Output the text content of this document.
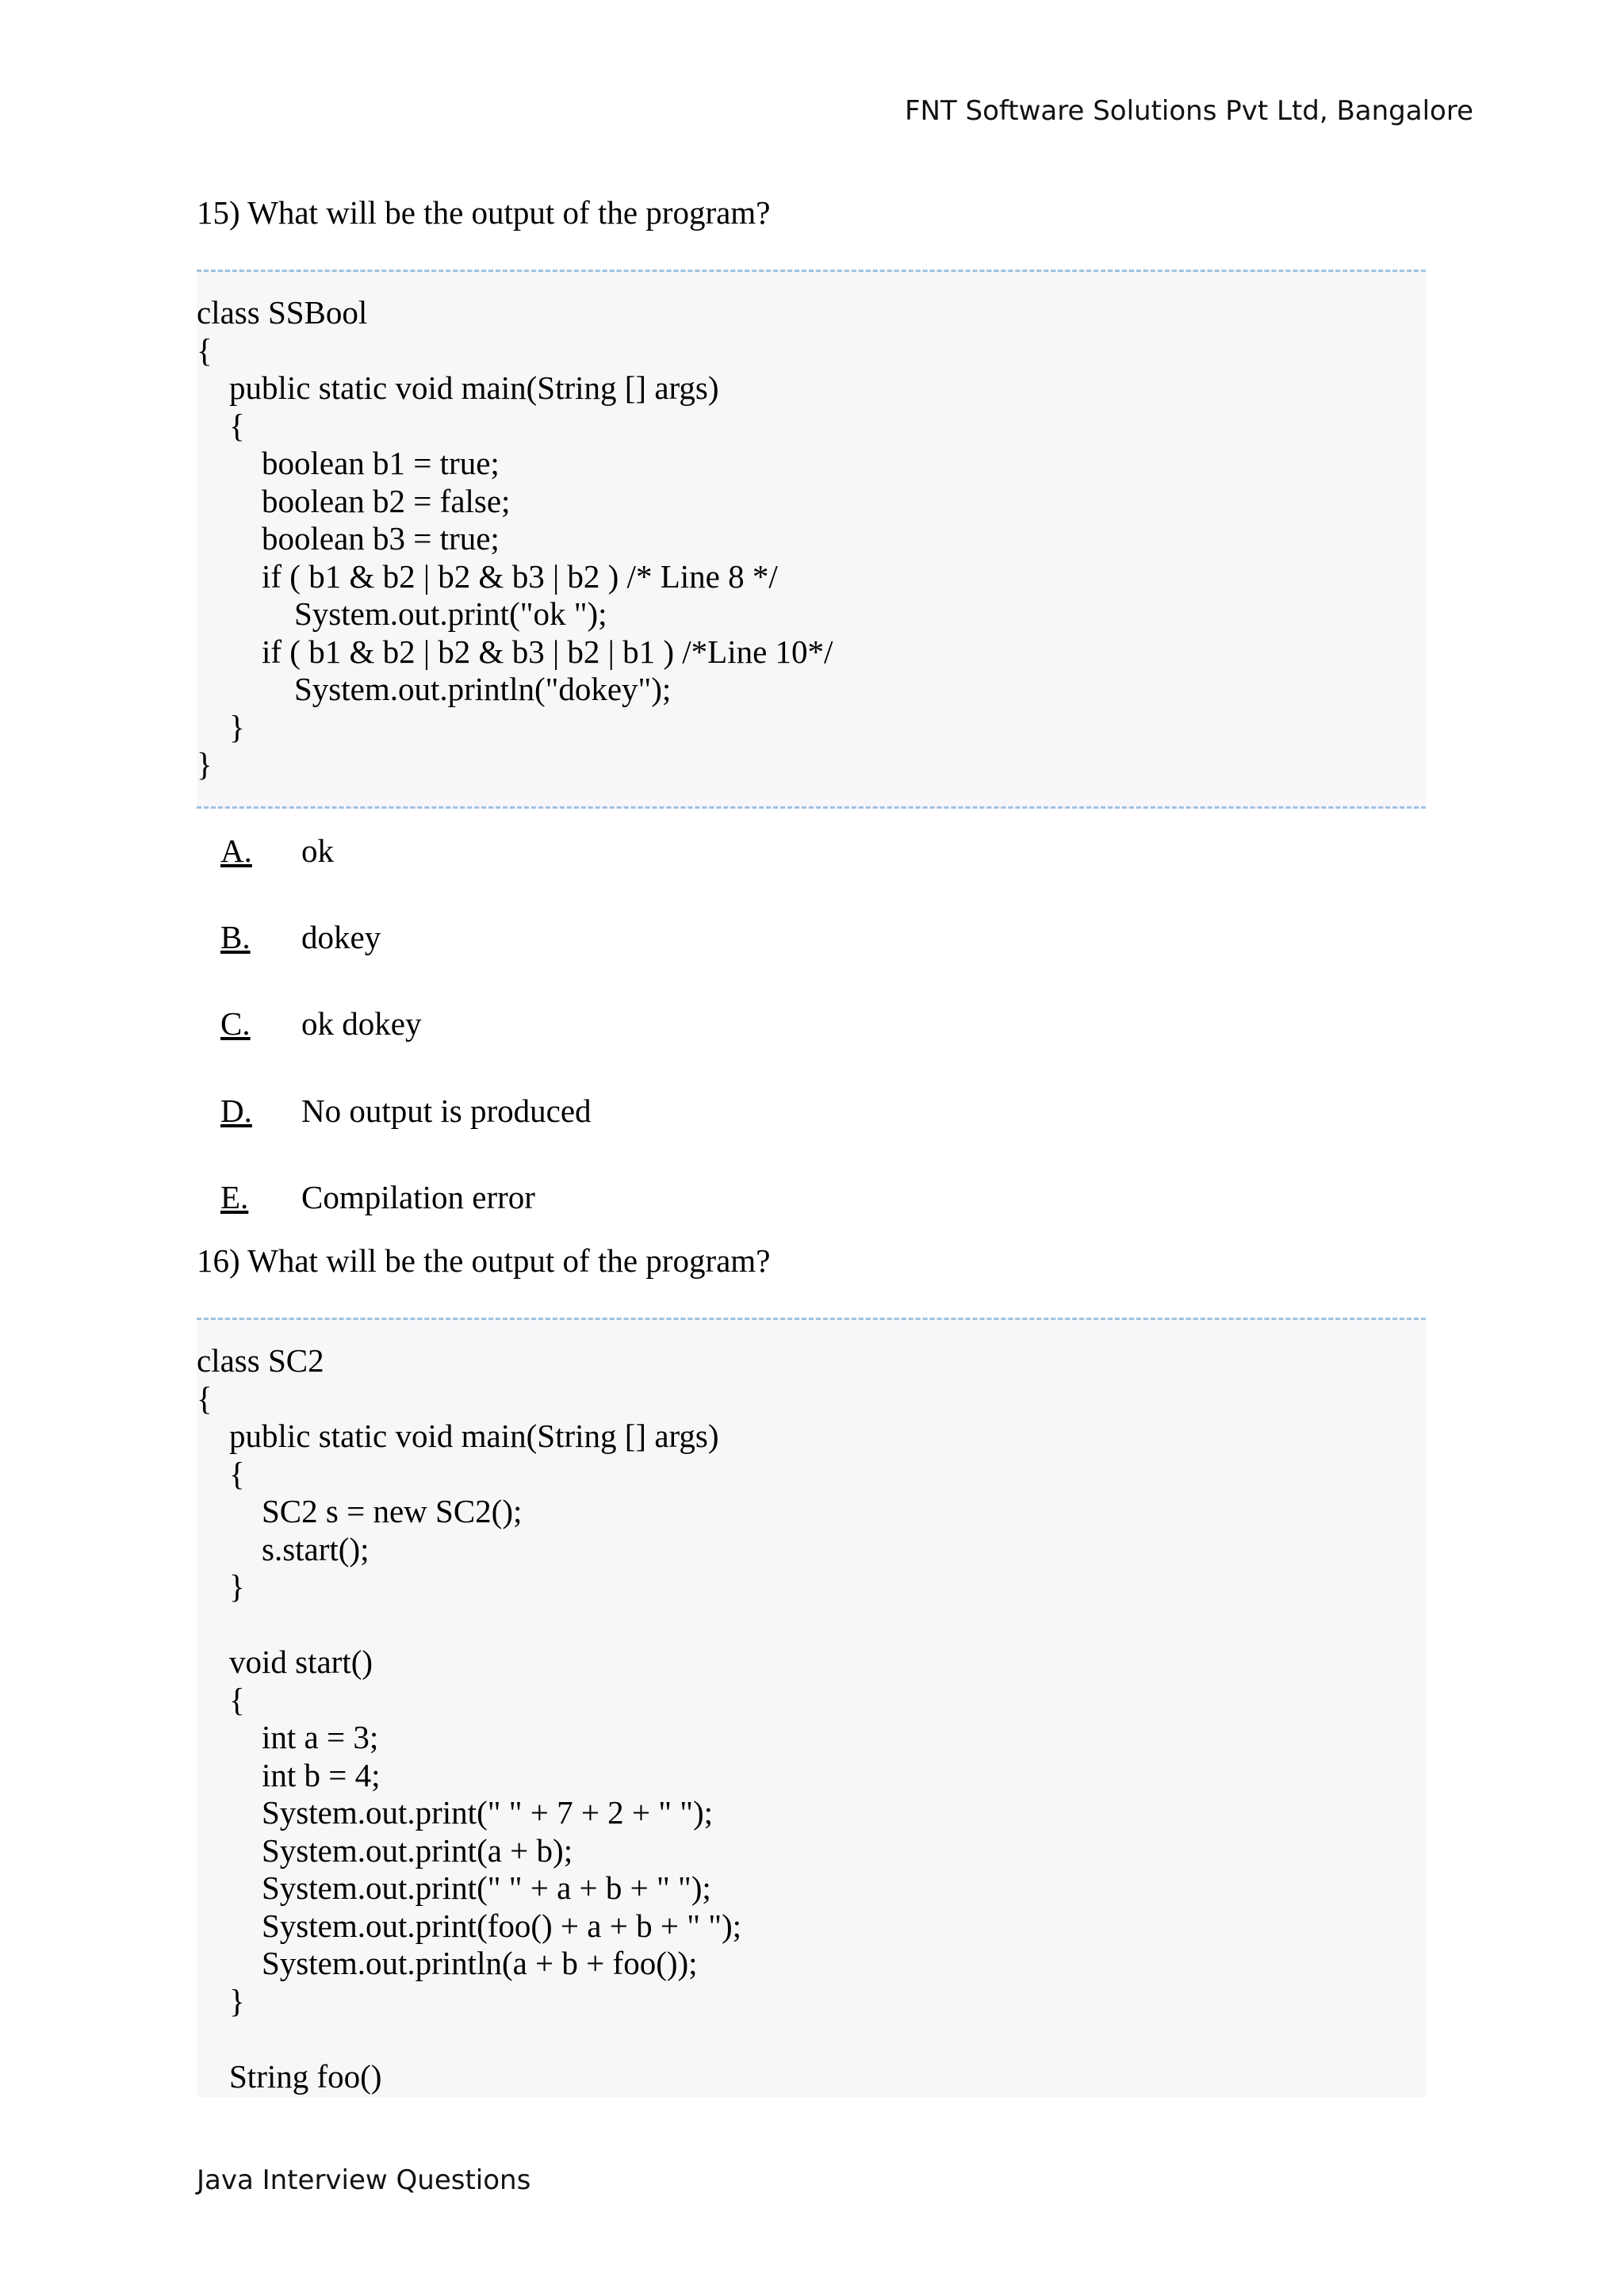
FNT Software Solutions Pvt Ltd, Bangalore
15) What will be the output of the program?
class SSBool
{
public static void main(String [] args)
{
boolean b1 = true;
boolean b2 = false;
boolean b3 = true;
if ( b1 & b2 | b2 & b3 | b2 ) /* Line 8 */
System.out.print("ok ");
if ( b1 & b2 | b2 & b3 | b2 | b1 ) /*Line 10*/
System.out.println("dokey");
}
}
A. ok
B. dokey
C. ok dokey
D. No output is produced
E. Compilation error
16) What will be the output of the program?
class SC2
{
public static void main(String [] args)
{
SC2 s = new SC2();
s.start();
}

void start()
{
int a = 3;
int b = 4;
System.out.print(" " + 7 + 2 + " ");
System.out.print(a + b);
System.out.print(" " + a + b + " ");
System.out.print(foo() + a + b + " ");
System.out.println(a + b + foo());
}

String foo()
Java Interview Questions
